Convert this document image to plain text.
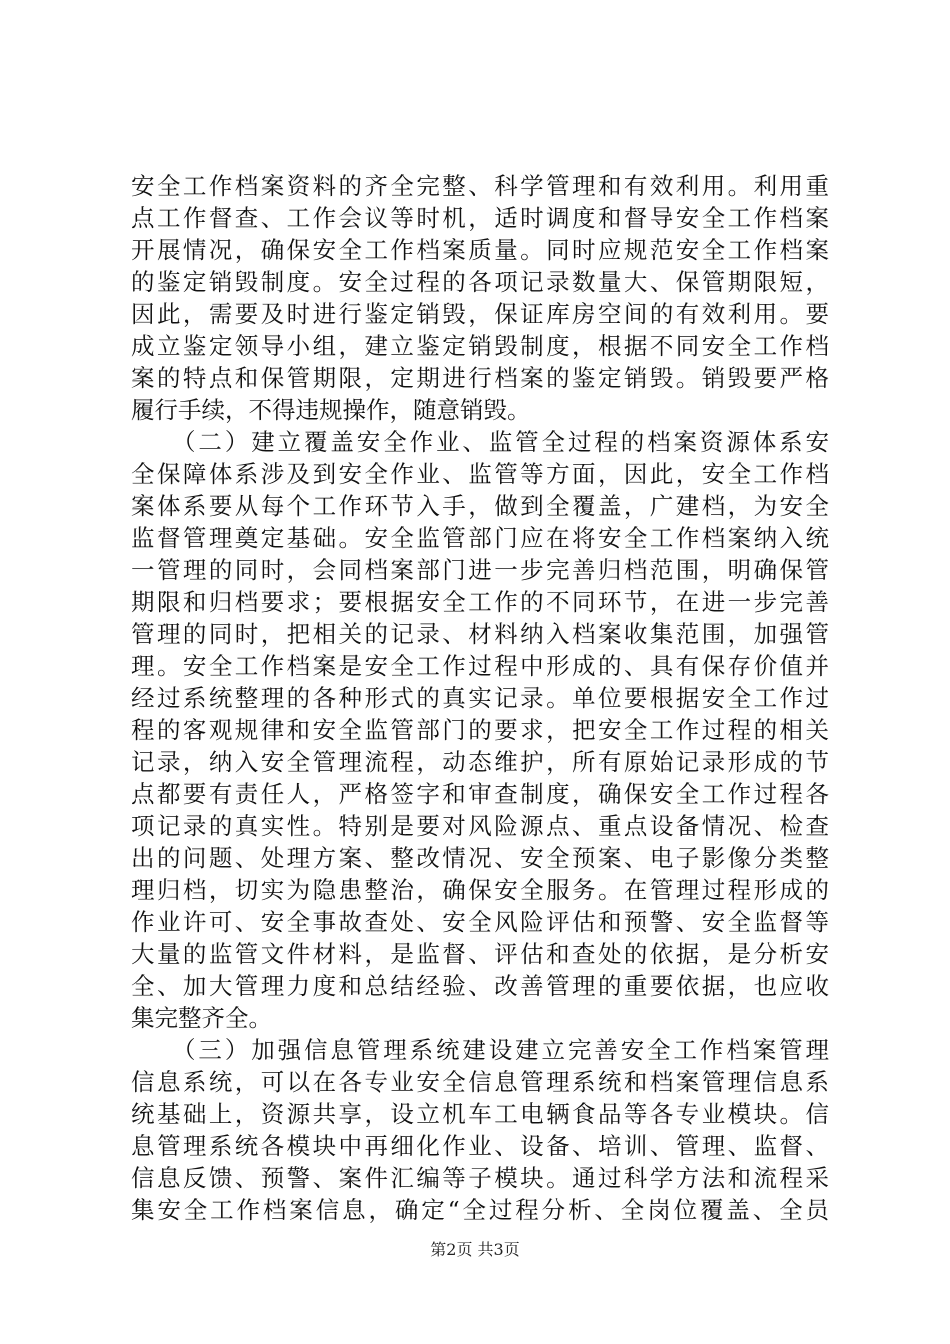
安全工作档案资料的齐全完整、科学管理和有效利用。利用重
点工作督查、工作会议等时机，适时调度和督导安全工作档案
开展情况，确保安全工作档案质量。同时应规范安全工作档案
的鉴定销毁制度。安全过程的各项记录数量大、保管期限短，
因此，需要及时进行鉴定销毁，保证库房空间的有效利用。要
成立鉴定领导小组，建立鉴定销毁制度，根据不同安全工作档
案的特点和保管期限，定期进行档案的鉴定销毁。销毁要严格
履行手续，不得违规操作，随意销毁。
　　（二）建立覆盖安全作业、监管全过程的档案资源体系安
全保障体系涉及到安全作业、监管等方面，因此，安全工作档
案体系要从每个工作环节入手，做到全覆盖，广建档，为安全
监督管理奠定基础。安全监管部门应在将安全工作档案纳入统
一管理的同时，会同档案部门进一步完善归档范围，明确保管
期限和归档要求；要根据安全工作的不同环节，在进一步完善
管理的同时，把相关的记录、材料纳入档案收集范围，加强管
理。安全工作档案是安全工作过程中形成的、具有保存价值并
经过系统整理的各种形式的真实记录。单位要根据安全工作过
程的客观规律和安全监管部门的要求，把安全工作过程的相关
记录，纳入安全管理流程，动态维护，所有原始记录形成的节
点都要有责任人，严格签字和审查制度，确保安全工作过程各
项记录的真实性。特别是要对风险源点、重点设备情况、检查
出的问题、处理方案、整改情况、安全预案、电子影像分类整
理归档，切实为隐患整治，确保安全服务。在管理过程形成的
作业许可、安全事故查处、安全风险评估和预警、安全监督等
大量的监管文件材料，是监督、评估和查处的依据，是分析安
全、加大管理力度和总结经验、改善管理的重要依据，也应收
集完整齐全。
　　（三）加强信息管理系统建设建立完善安全工作档案管理
信息系统，可以在各专业安全信息管理系统和档案管理信息系
统基础上，资源共享，设立机车工电辆食品等各专业模块。信
息管理系统各模块中再细化作业、设备、培训、管理、监督、
信息反馈、预警、案件汇编等子模块。通过科学方法和流程采
集安全工作档案信息，确定“全过程分析、全岗位覆盖、全员
第2页 共3页
